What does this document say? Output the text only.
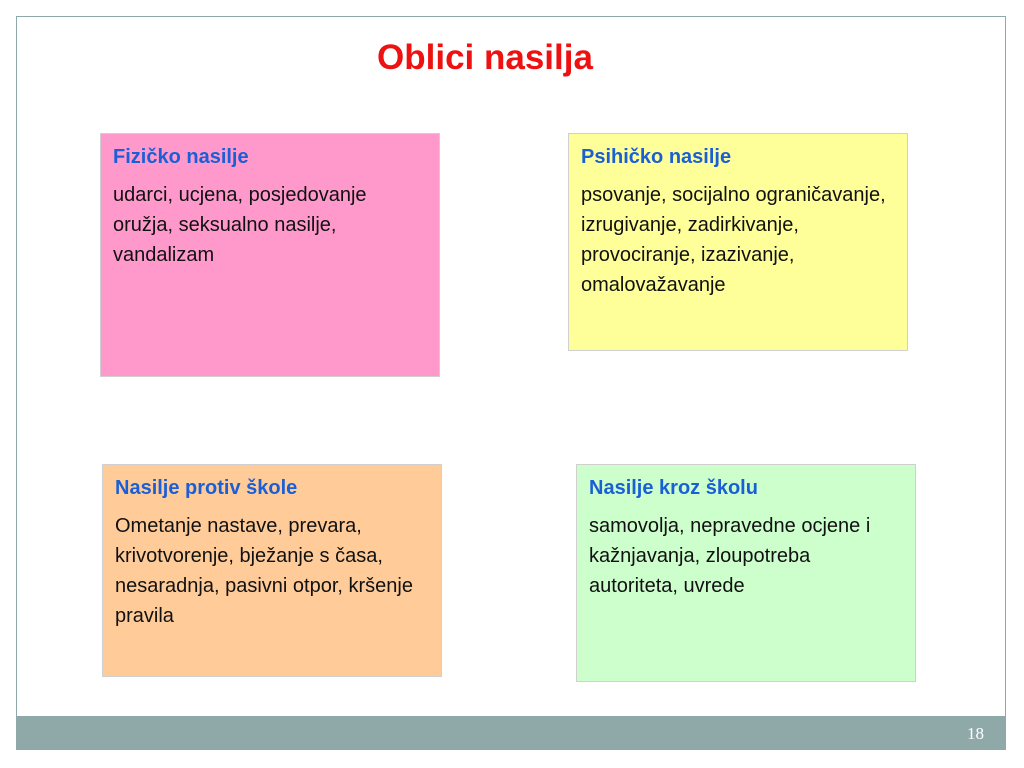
Oblici nasilja

Fizičko nasilje

udarci, ucjena, posjedovanje oružja, seksualno nasilje, vandalizam

Psihičko nasilje

psovanje, socijalno ograničavanje, izrugivanje, zadirkivanje, provociranje, izazivanje, omalovažavanje

Nasilje protiv škole

Ometanje nastave, prevara, krivotvorenje, bježanje s časa, nesaradnja, pasivni otpor, kršenje pravila

Nasilje kroz školu

samovolja, nepravedne ocjene i kažnjavanja, zloupotreba autoriteta, uvrede

18
